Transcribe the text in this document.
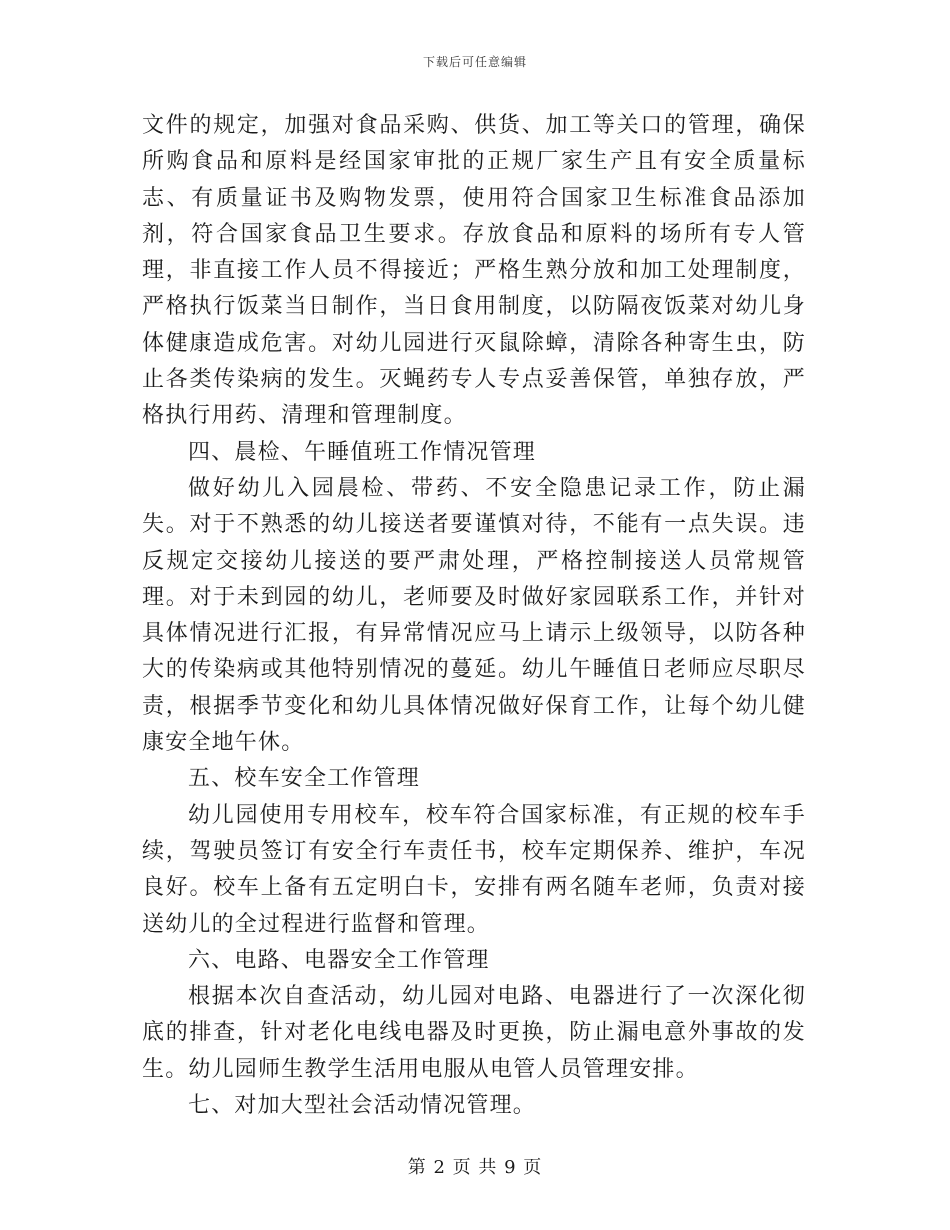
下载后可任意编辑

文件的规定，加强对食品采购、供货、加工等关口的管理，确保所购食品和原料是经国家审批的正规厂家生产且有安全质量标志、有质量证书及购物发票，使用符合国家卫生标准食品添加剂，符合国家食品卫生要求。存放食品和原料的场所有专人管理，非直接工作人员不得接近；严格生熟分放和加工处理制度，严格执行饭菜当日制作，当日食用制度，以防隔夜饭菜对幼儿身体健康造成危害。对幼儿园进行灭鼠除蟑，清除各种寄生虫，防止各类传染病的发生。灭蝇药专人专点妥善保管，单独存放，严格执行用药、清理和管理制度。

四、晨检、午睡值班工作情况管理

做好幼儿入园晨检、带药、不安全隐患记录工作，防止漏失。对于不熟悉的幼儿接送者要谨慎对待，不能有一点失误。违反规定交接幼儿接送的要严肃处理，严格控制接送人员常规管理。对于未到园的幼儿，老师要及时做好家园联系工作，并针对具体情况进行汇报，有异常情况应马上请示上级领导，以防各种大的传染病或其他特别情况的蔓延。幼儿午睡值日老师应尽职尽责，根据季节变化和幼儿具体情况做好保育工作，让每个幼儿健康安全地午休。

五、校车安全工作管理

幼儿园使用专用校车，校车符合国家标准，有正规的校车手续，驾驶员签订有安全行车责任书，校车定期保养、维护，车况良好。校车上备有五定明白卡，安排有两名随车老师，负责对接送幼儿的全过程进行监督和管理。

六、电路、电器安全工作管理

根据本次自查活动，幼儿园对电路、电器进行了一次深化彻底的排查，针对老化电线电器及时更换，防止漏电意外事故的发生。幼儿园师生教学生活用电服从电管人员管理安排。

七、对加大型社会活动情况管理。

第 2 页 共 9 页
